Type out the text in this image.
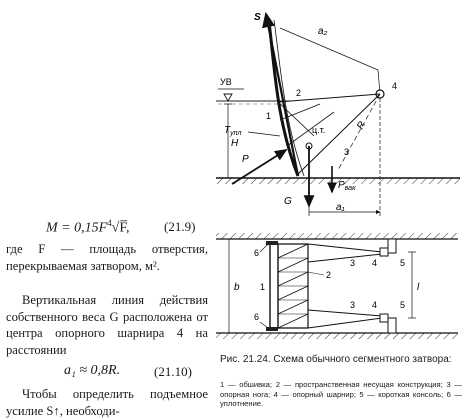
$M = 0,15F^4√F̅$,	(21.9)
где F — площадь отверстия, перекрываемая затвором, м².
Вертикальная линия действия собственного веса G расположена от центра опорного шарнира 4 на расстоянии
a₁ ≈ 0,8R.	(21.10)
Чтобы определить подъемное усилие S↑, необходи-
УВ
H
S
a₂
4
R
1
2
3
ц.т.
$T_{упл}$
P
G
$P_{вак}$
a₁
b	l
6
6
1
2
3 4	5
3 4	5
Рис. 21.24. Схема обычного сегментного затвора:
1 — обшивка; 2 — пространственная несущая конструкция; 3 — опорная нога; 4 — опорный шарнир; 5 — короткая консоль; 6 — уплотнение.
